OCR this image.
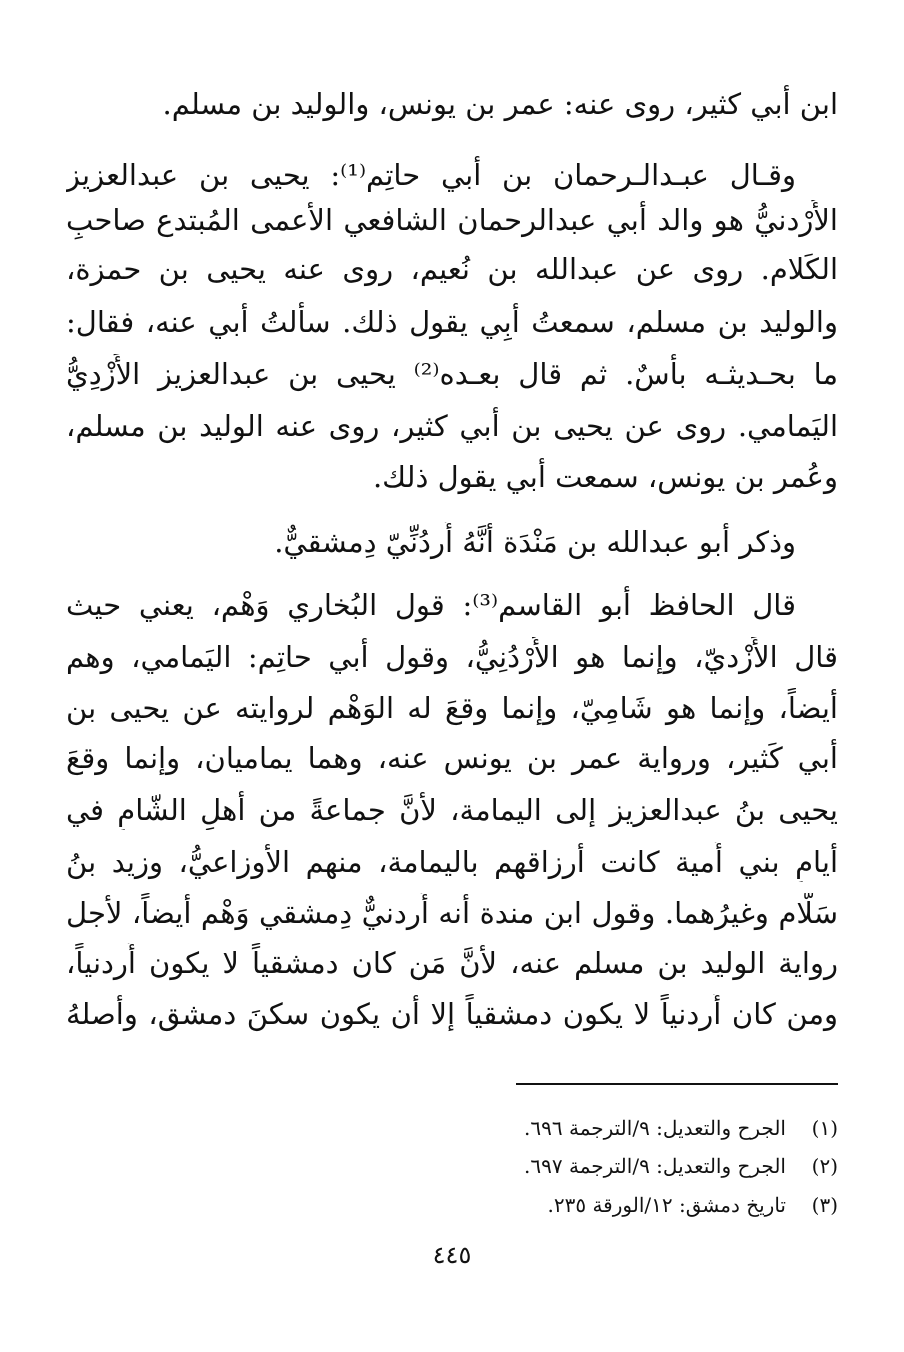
ابن أبي كثير، روى عنه: عمر بن يونس، والوليد بن مسلم.
وقـال عبـدالـرحمان بن أبي حاتِم⁽¹⁾: يحيى بن عبدالعزيز
الأُرْدنيُّ هو والد أبي عبدالرحمان الشافعي الأعمى المُبتدع صاحبِ
الكَلام. روى عن عبدالله بن نُعيم، روى عنه يحيى بن حمزة،
والوليد بن مسلم، سمعتُ أبِي يقول ذلك. سألتُ أبي عنه، فقال:
ما بحـديثـه بأسٌ. ثم قال بعـده⁽²⁾ يحيى بن عبدالعزيز الأَزْدِيُّ
اليَمامي. روى عن يحيى بن أبي كثير، روى عنه الوليد بن مسلم،
وعُمر بن يونس، سمعت أبي يقول ذلك.
وذكر أبو عبدالله بن مَنْدَة أنَّهُ أُردُنِّيّ دِمشقيٌّ.
قال الحافظ أبو القاسم⁽³⁾: قول البُخاري وَهْم، يعني حيث
قال الأَزْديّ، وإنما هو الأُرْدُنِيُّ، وقول أبي حاتِم: اليَمامي، وهم
أيضاً، وإنما هو شَامِيّ، وإنما وقعَ له الوَهْم لروايته عن يحيى بن
أبي كَثير، ورواية عمر بن يونس عنه، وهما يماميان، وإنما وقعَ
يحيى بنُ عبدالعزيز إلى اليمامة، لأنَّ جماعةً من أهلِ الشّامِ في
أيامِ بني أُمية كانت أرزاقهم باليمامة، منهم الأوزاعيُّ، وزيد بنُ
سَلّام وغيرُهما. وقول ابن مندة أنه أُردنيٌّ دِمشقي وَهْم أيضاً، لأجل
رواية الوليد بن مسلم عنه، لأنَّ مَن كان دمشقياً لا يكون أُردنياً،
ومن كان أُردنياً لا يكون دمشقياً إلا أن يكون سكنَ دمشق، وأصلهُ
(١)الجرح والتعديل: ٩/الترجمة ٦٩٦.
(٢)الجرح والتعديل: ٩/الترجمة ٦٩٧.
(٣)تاريخ دمشق: ١٢/الورقة ٢٣٥.
٤٤٥
